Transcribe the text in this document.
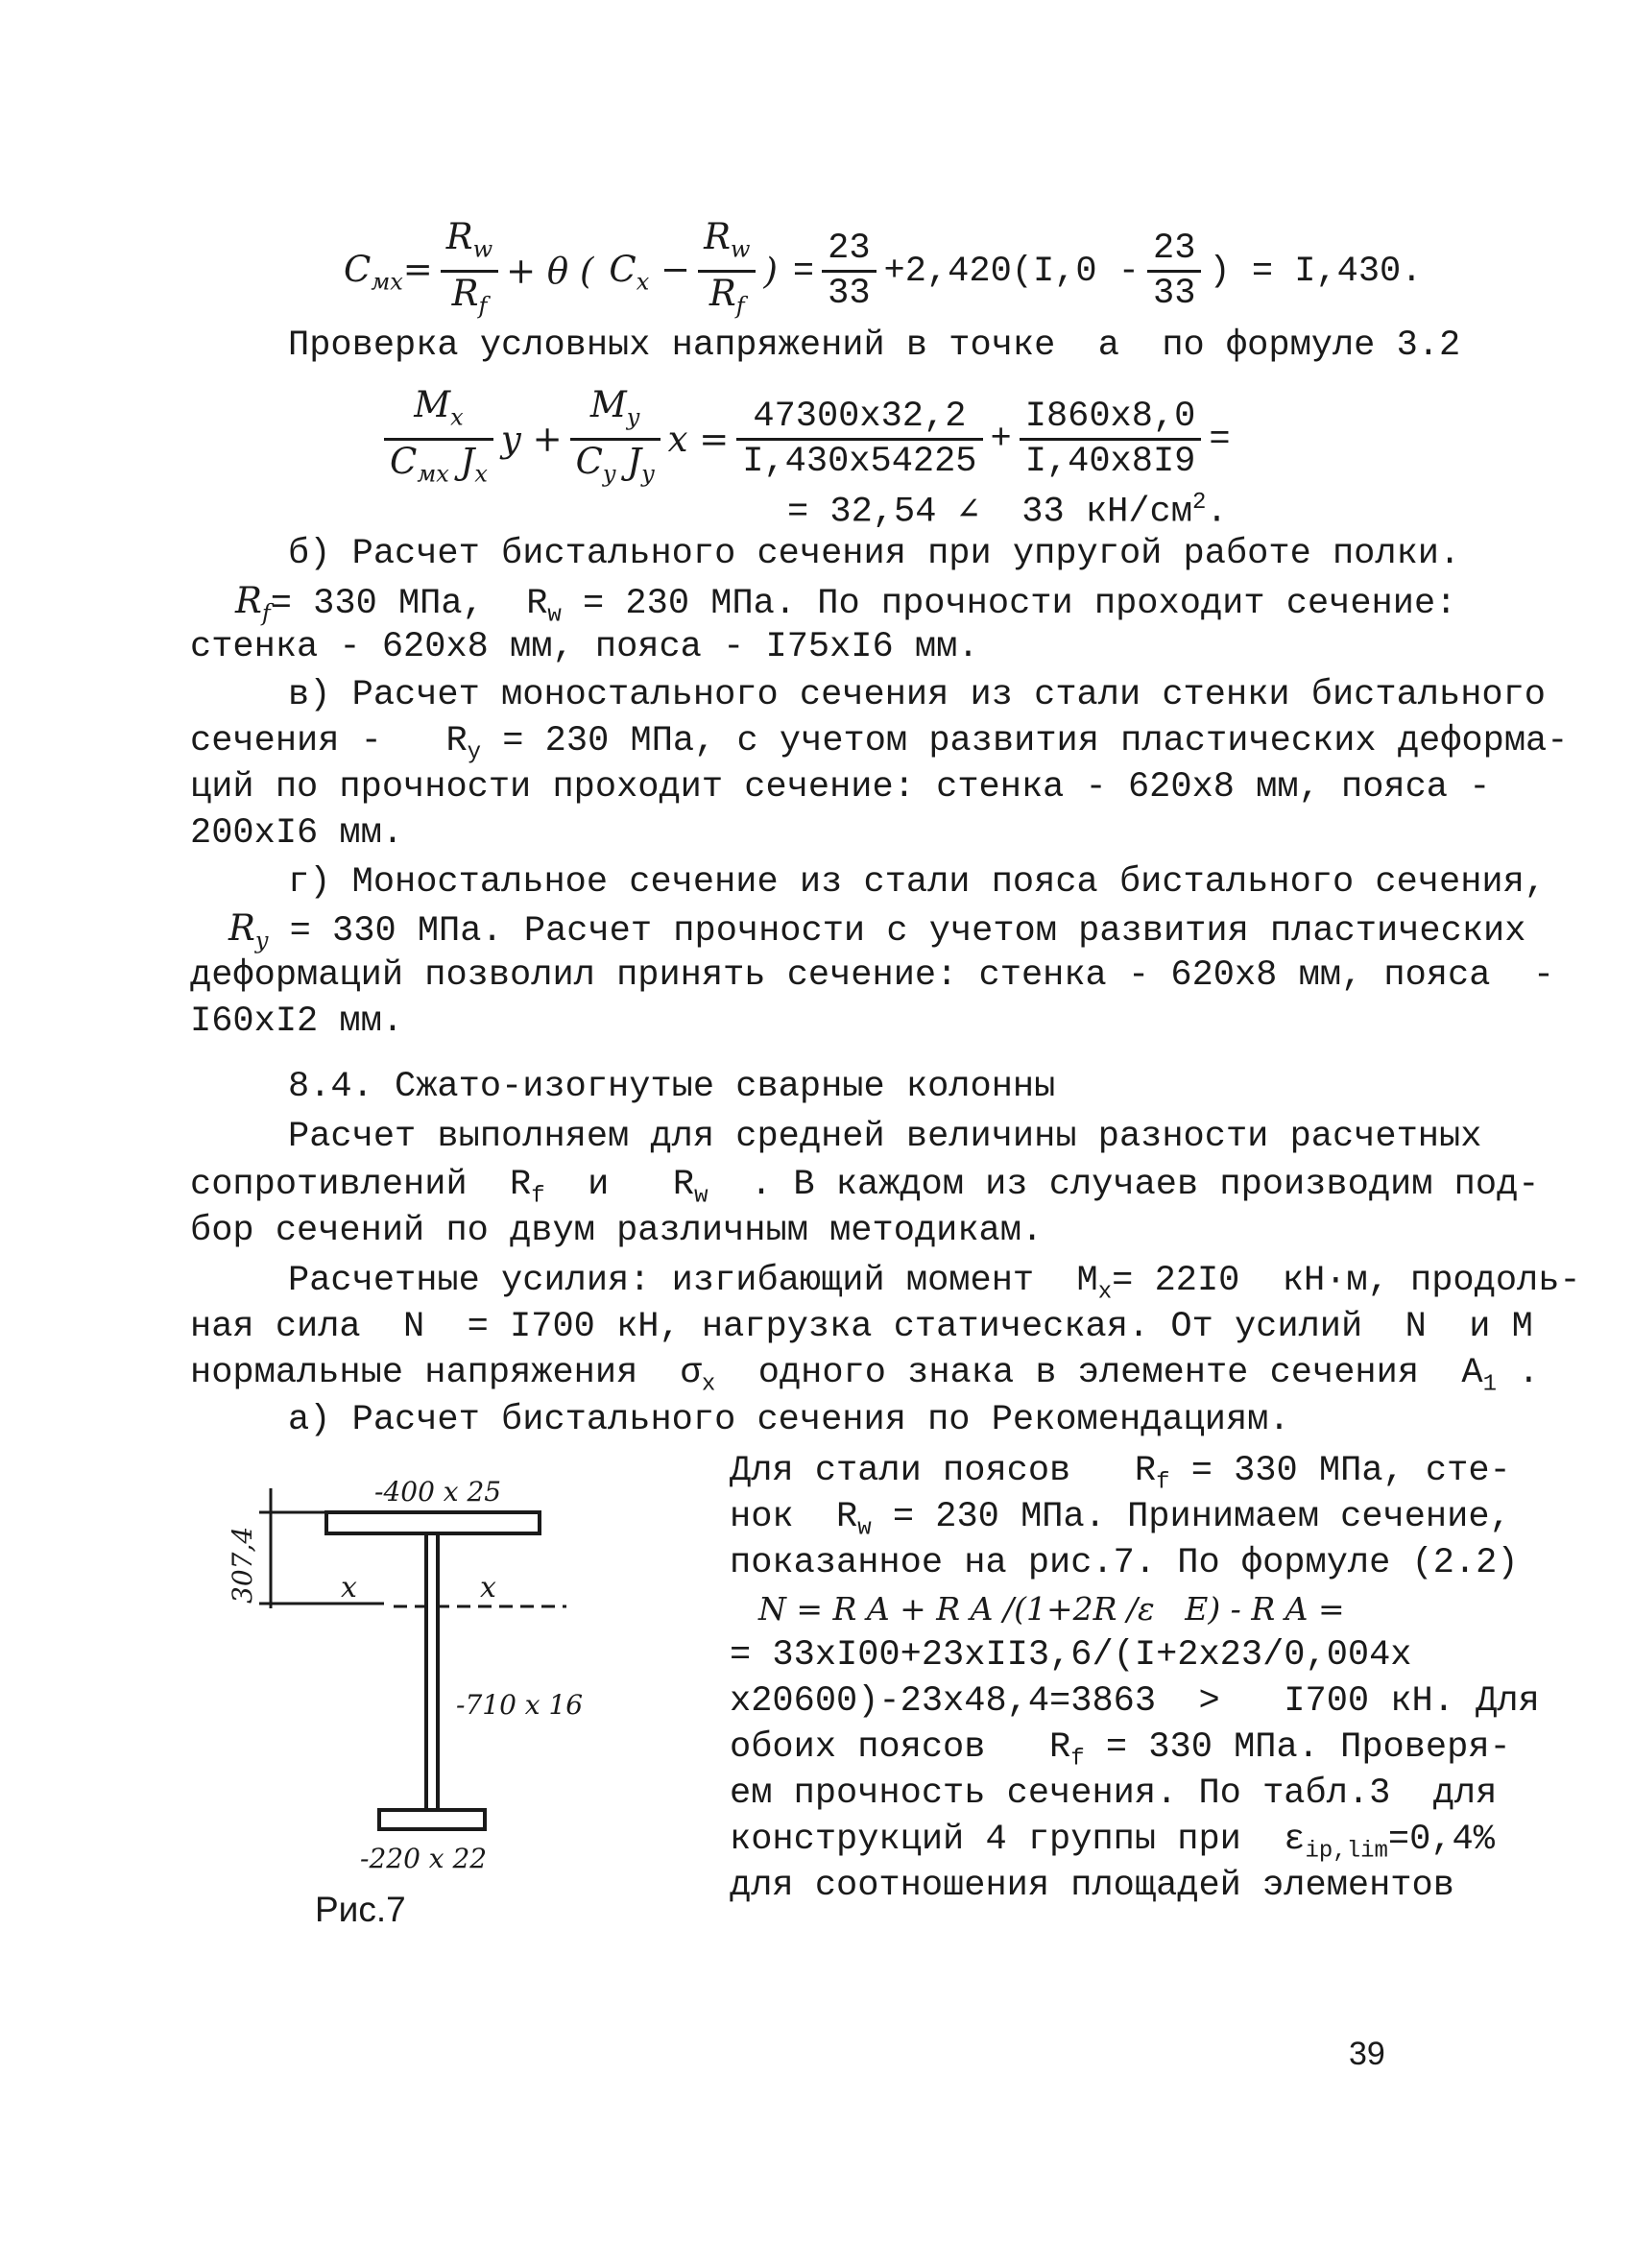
$C_{мx}= \frac{R_w}{R_f} + \theta$ ( $C_x - \frac{R_w}{R_f}$ ) = $\frac{23}{33} +2,420(I,0 - \frac{23}{33}$ ) = I,430.
Проверка условных напряжений в точке  a  по формуле 3.2
$\frac{M_x}{C_{мx} J_x}$ $y + \frac{M_y}{C_y J_y}$ $x = \frac{47300x32,2}{I,430x54225} + \frac{I860x8,0}{I,40x8I9}$ =
= 32,54 ∠  33 $кН/см^2$.
б) Расчет бистального сечения при упругой работе полки.
$R_f= 330$ МПа,  $R_w = 230$ МПа. По прочности проходит сечение:
стенка - 620x8 мм, пояса - I75xI6 мм.
в) Расчет моностального сечения из стали стенки бистального
сечения -   $R_y = 230$ МПа, с учетом развития пластических деформа-
ций по прочности проходит сечение: стенка - 620x8 мм, пояса -
200xI6 мм.
г) Моностальное сечение из стали пояса бистального сечения,
$R_y = 330$ МПа. Расчет прочности с учетом развития пластических
деформаций позволил принять сечение: стенка - 620x8 мм, пояса  -
I60xI2 мм.
8.4. Сжато-изогнутые сварные колонны
Расчет выполняем для средней величины разности расчетных
сопротивлений  $R_f$  и   $R_w$  . В каждом из случаев производим под-
бор сечений по двум различным методикам.
Расчетные усилия: изгибающий момент  $M_x= 22I0$  кН·м, продоль-
ная сила  N  = I700 кН, нагрузка статическая. От усилий  N  и M
нормальные напряжения  $\sigma_x$  одного знака в элементе сечения  $A_1$ .
а) Расчет бистального сечения по Рекомендациям.
Для стали поясов   $R_f = 330$ МПа, сте-
нок  $R_w = 230$ МПа. Принимаем сечение,
показанное на рис.7. По формуле (2.2)
N = R A + R A /(1+2R /ε   E) - R A =
= 33xI00+23xII3,6/(I+2x23/0,004x
x20600)-23x48,4=3863  >   I700 кН. Для
обоих поясов   $R_f = 330$ МПа. Проверя-
ем прочность сечения. По табл.3  для
конструкций 4 группы при  $\varepsilon_{ip,lim}=0,4\%$
для соотношения площадей элементов
-400 x 25
307,4	x	x
-710 x 16
-220 x 22
Рис.7
39
